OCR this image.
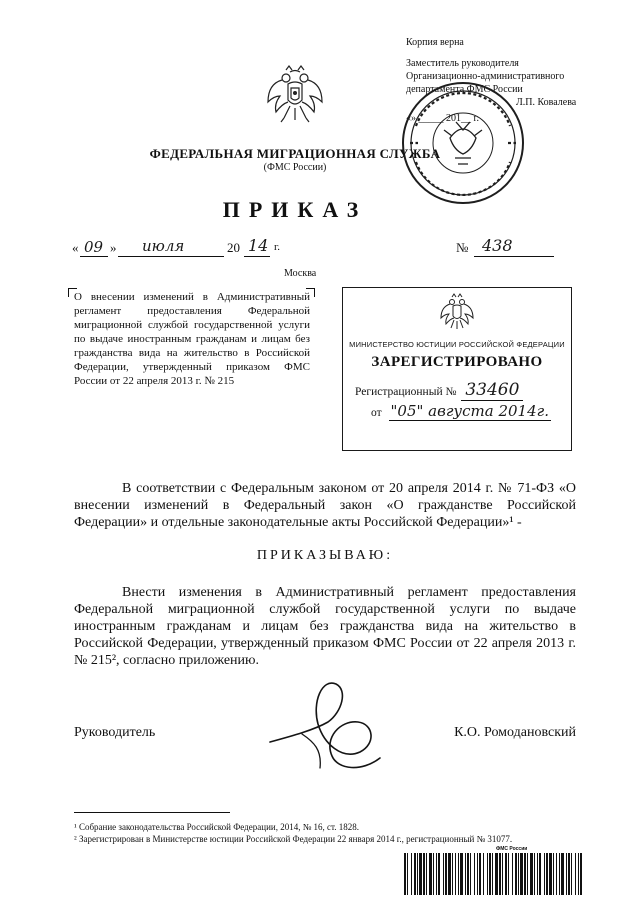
Корпия верна
Заместитель руководителя
Организационно-административного
департамента ФМС России
Л.П. Ковалева
«» _____ 201__ г.
ФЕДЕРАЛЬНАЯ МИГРАЦИОННАЯ СЛУЖБА
(ФМС России)
ПРИКАЗ
« 09 » июля	20 14 г.	№ 438
Москва
О внесении изменений в Административный регламент предоставления Федеральной миграционной службой государственной услуги по выдаче иностранным гражданам и лицам без гражданства вида на жительство в Российской Федерации, утвержденный приказом ФМС России от 22 апреля 2013 г. № 215
МИНИСТЕРСТВО ЮСТИЦИИ РОССИЙСКОЙ ФЕДЕРАЦИИ
ЗАРЕГИСТРИРОВАНО
Регистрационный № 33460
от "05" августа 2014г.
В соответствии с Федеральным законом от 20 апреля 2014 г. № 71-ФЗ «О внесении изменений в Федеральный закон «О гражданстве Российской Федерации» и отдельные законодательные акты Российской Федерации»¹ -
ПРИКАЗЫВАЮ:
Внести изменения в Административный регламент предоставления Федеральной миграционной службой государственной услуги по выдаче иностранным гражданам и лицам без гражданства вида на жительство в Российской Федерации, утвержденный приказом ФМС России от 22 апреля 2013 г. № 215², согласно приложению.
Руководитель	К.О. Ромодановский
¹ Собрание законодательства Российской Федерации, 2014, № 16, ст. 1828.
² Зарегистрирован в Министерстве юстиции Российской Федерации 22 января 2014 г., регистрационный № 31077.
ФМС России
